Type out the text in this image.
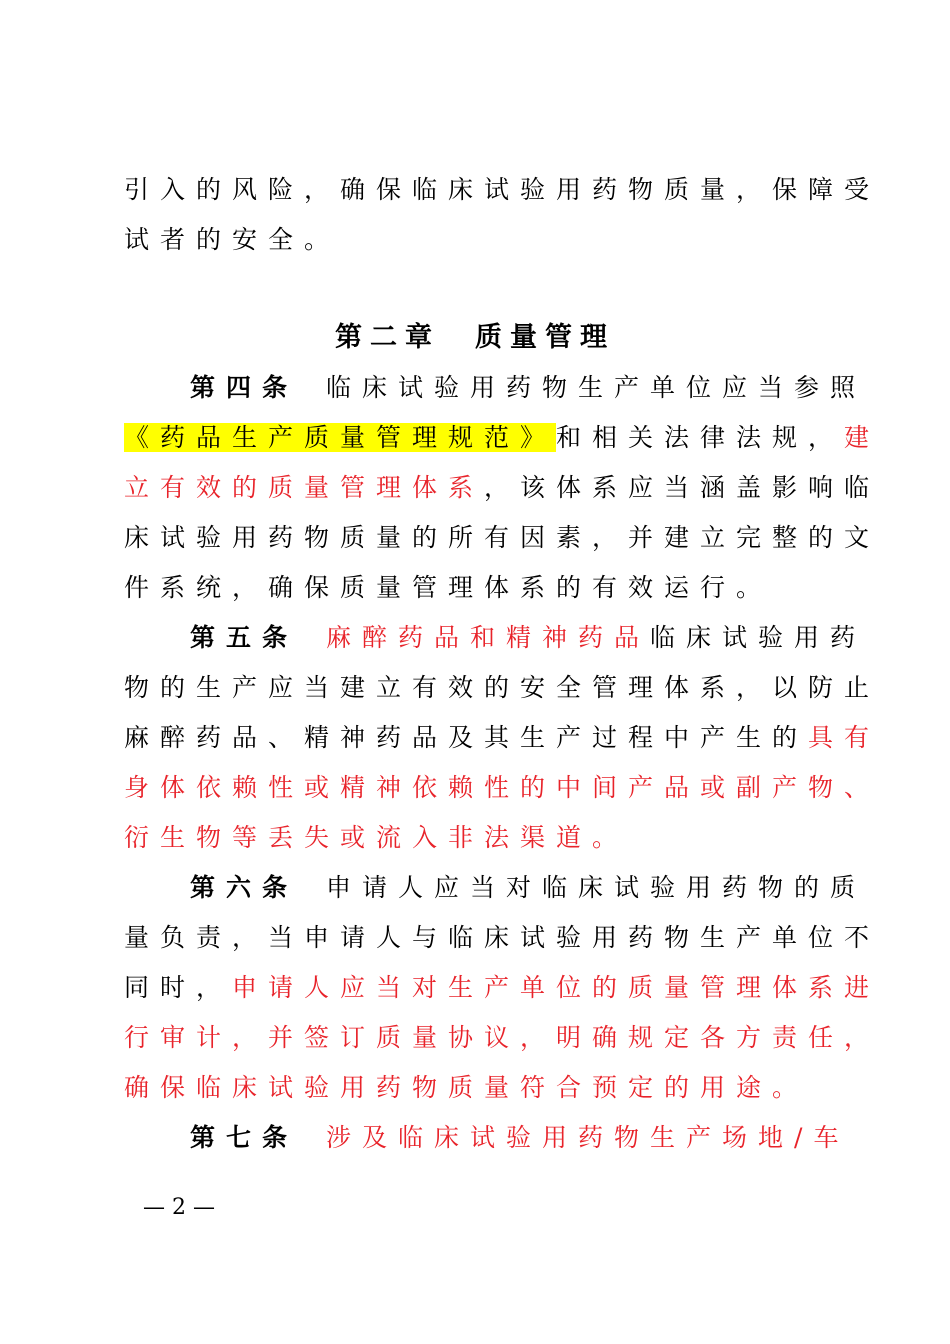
引入的风险，确保临床试验用药物质量，保障受
试者的安全。
第二章　质量管理
第四条 临床试验用药物生产单位应当参照
《药品生产质量管理规范》和相关法律法规，建
立有效的质量管理体系，该体系应当涵盖影响临
床试验用药物质量的所有因素，并建立完整的文
件系统，确保质量管理体系的有效运行。
第五条 麻醉药品和精神药品临床试验用药
物的生产应当建立有效的安全管理体系，以防止
麻醉药品、精神药品及其生产过程中产生的具有
身体依赖性或精神依赖性的中间产品或副产物、
衍生物等丢失或流入非法渠道。
第六条 申请人应当对临床试验用药物的质
量负责，当申请人与临床试验用药物生产单位不
同时，申请人应当对生产单位的质量管理体系进
行审计，并签订质量协议，明确规定各方责任，
确保临床试验用药物质量符合预定的用途。
第七条 涉及临床试验用药物生产场地/车
— 2 —
